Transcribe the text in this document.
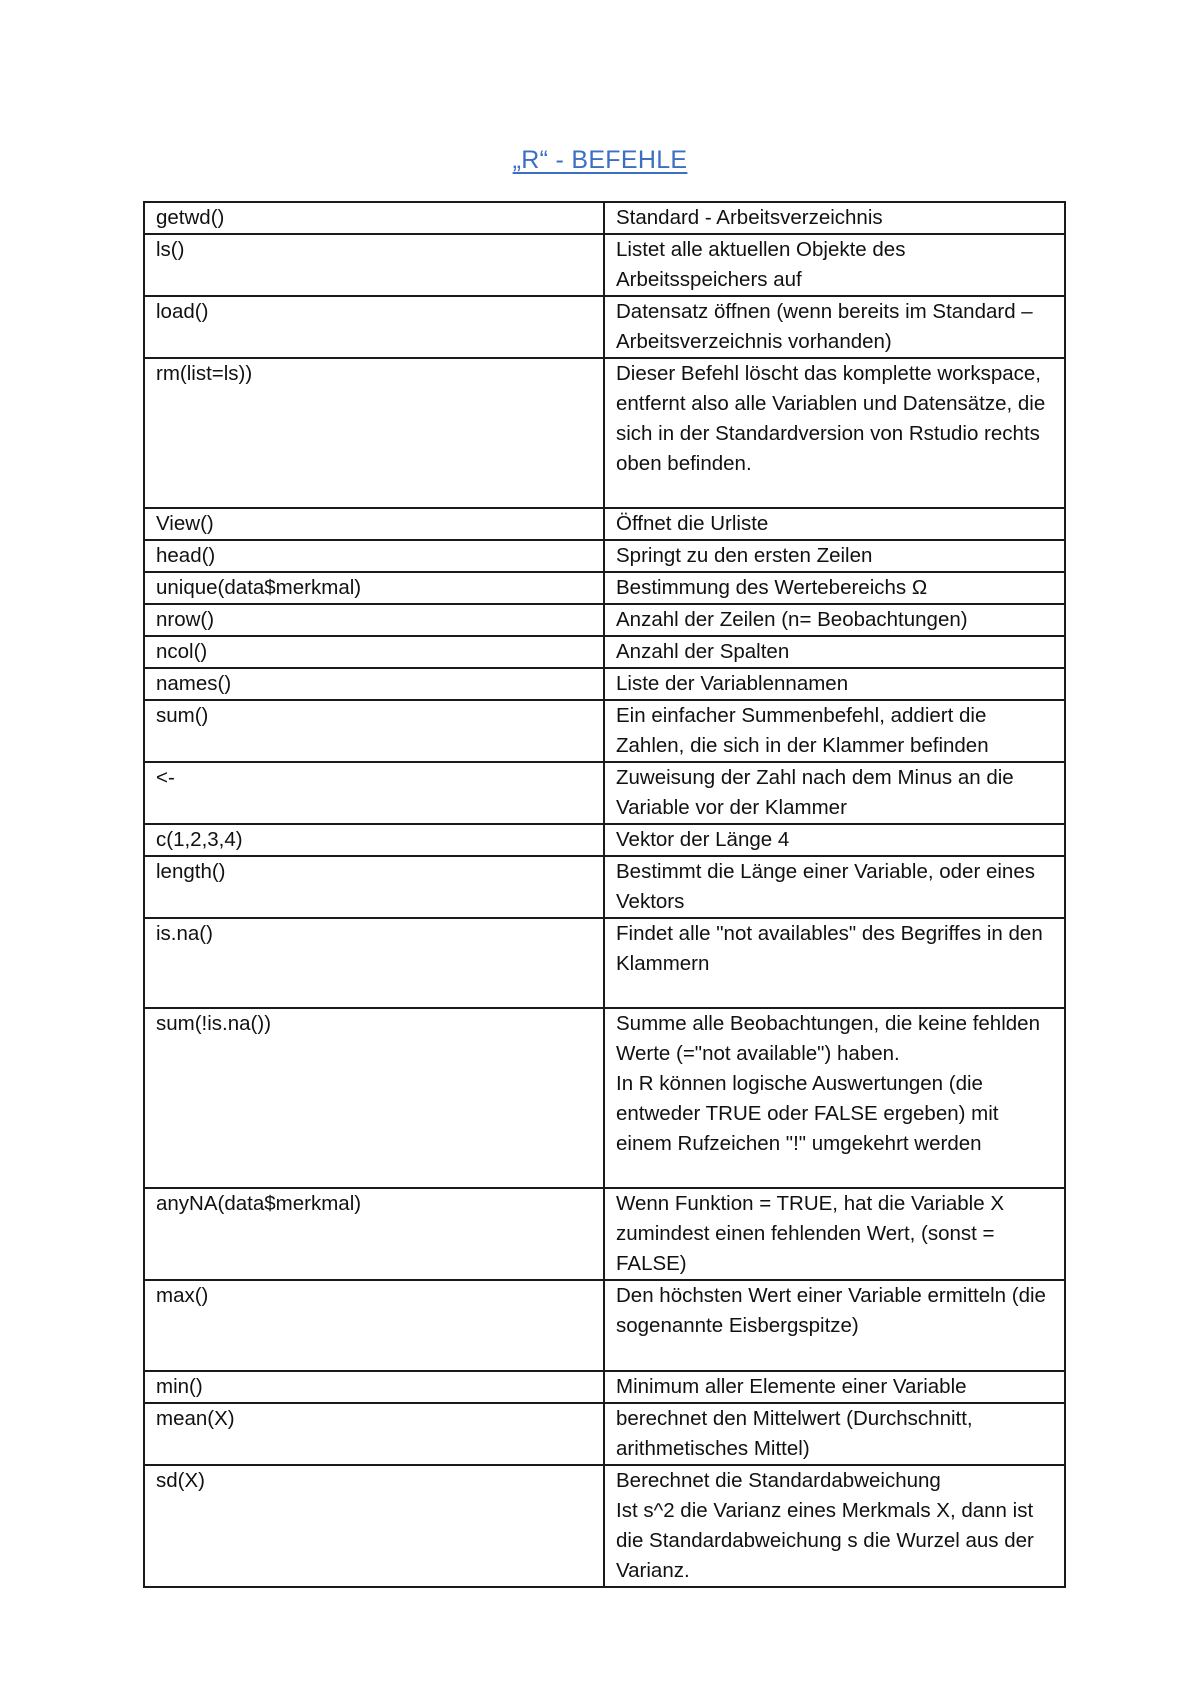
„R“ - BEFEHLE
getwd()	Standard - Arbeitsverzeichnis
ls()	Listet alle aktuellen Objekte des Arbeitsspeichers auf
load()	Datensatz öffnen (wenn bereits im Standard – Arbeitsverzeichnis vorhanden)
rm(list=ls))	Dieser Befehl löscht das komplette workspace, entfernt also alle Variablen und Datensätze, die sich in der Standardversion von Rstudio rechts oben befinden.
View()	Öffnet die Urliste
head()	Springt zu den ersten Zeilen
unique(data$merkmal)	Bestimmung des Wertebereichs Ω
nrow()	Anzahl der Zeilen (n= Beobachtungen)
ncol()	Anzahl der Spalten
names()	Liste der Variablennamen
sum()	Ein einfacher Summenbefehl, addiert die Zahlen, die sich in der Klammer befinden
<-	Zuweisung der Zahl nach dem Minus an die Variable vor der Klammer
c(1,2,3,4)	Vektor der Länge 4
length()	Bestimmt die Länge einer Variable, oder eines Vektors
is.na()	Findet alle "not availables" des Begriffes in den Klammern
sum(!is.na())	Summe alle Beobachtungen, die keine fehlden Werte (="not available") haben.
In R können logische Auswertungen (die entweder TRUE oder FALSE ergeben) mit einem Rufzeichen "!" umgekehrt werden
anyNA(data$merkmal)	Wenn Funktion = TRUE, hat die Variable X zumindest einen fehlenden Wert, (sonst = FALSE)
max()	Den höchsten Wert einer Variable ermitteln (die sogenannte Eisbergspitze)
min()	Minimum aller Elemente einer Variable
mean(X)	berechnet den Mittelwert (Durchschnitt, arithmetisches Mittel)
sd(X)	Berechnet die Standardabweichung
Ist s^2 die Varianz eines Merkmals X, dann ist die Standardabweichung s die Wurzel aus der Varianz.
